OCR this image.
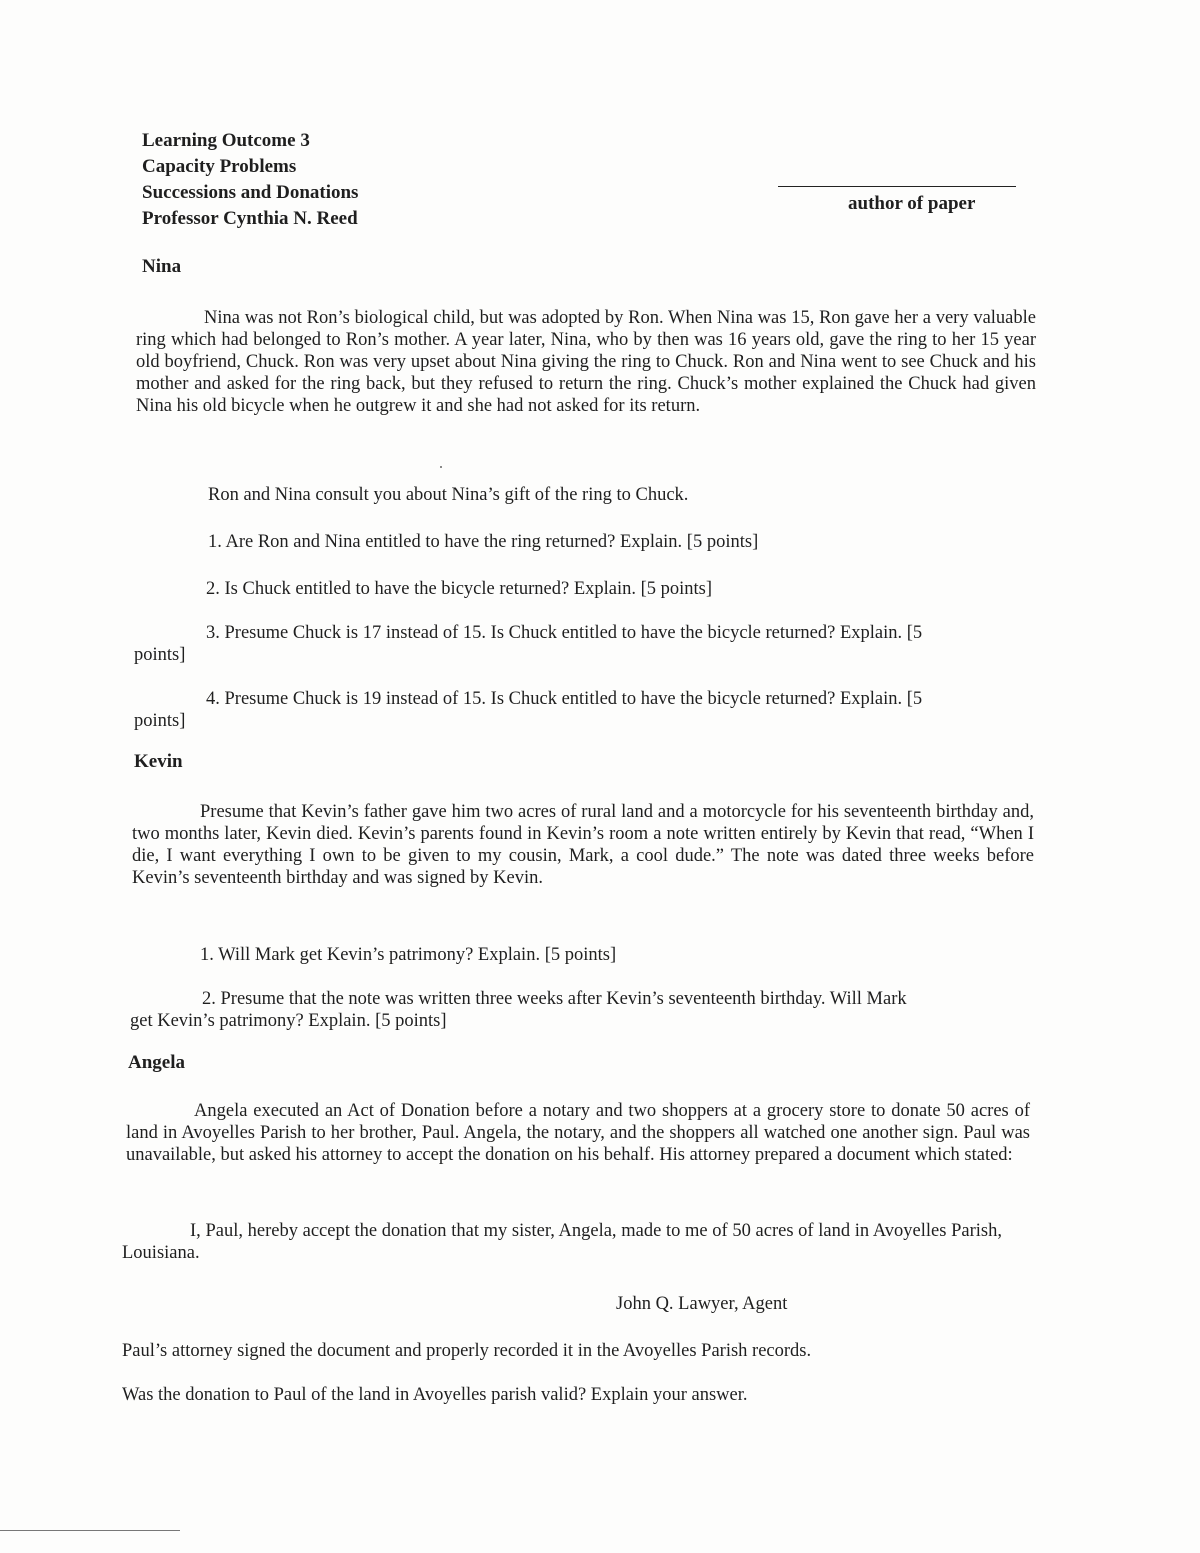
Learning Outcome 3
Capacity Problems
Successions and Donations
Professor Cynthia N. Reed
author of paper
Nina
Nina was not Ron’s biological child, but was adopted by Ron. When Nina was 15, Ron gave her a very valuable ring which had belonged to Ron’s mother. A year later, Nina, who by then was 16 years old, gave the ring to her 15 year old boyfriend, Chuck. Ron was very upset about Nina giving the ring to Chuck. Ron and Nina went to see Chuck and his mother and asked for the ring back, but they refused to return the ring. Chuck’s mother explained the Chuck had given Nina his old bicycle when he outgrew it and she had not asked for its return.
Ron and Nina consult you about Nina’s gift of the ring to Chuck.
1. Are Ron and Nina entitled to have the ring returned? Explain. [5 points]
2. Is Chuck entitled to have the bicycle returned? Explain. [5 points]
3. Presume Chuck is 17 instead of 15. Is Chuck entitled to have the bicycle returned? Explain. [5
points]
4. Presume Chuck is 19 instead of 15. Is Chuck entitled to have the bicycle returned? Explain. [5
points]
Kevin
Presume that Kevin’s father gave him two acres of rural land and a motorcycle for his seventeenth birthday and, two months later, Kevin died. Kevin’s parents found in Kevin’s room a note written entirely by Kevin that read, “When I die, I want everything I own to be given to my cousin, Mark, a cool dude.” The note was dated three weeks before Kevin’s seventeenth birthday and was signed by Kevin.
1. Will Mark get Kevin’s patrimony? Explain. [5 points]
2. Presume that the note was written three weeks after Kevin’s seventeenth birthday. Will Mark
get Kevin’s patrimony? Explain. [5 points]
Angela
Angela executed an Act of Donation before a notary and two shoppers at a grocery store to donate 50 acres of land in Avoyelles Parish to her brother, Paul. Angela, the notary, and the shoppers all watched one another sign. Paul was unavailable, but asked his attorney to accept the donation on his behalf. His attorney prepared a document which stated:
I, Paul, hereby accept the donation that my sister, Angela, made to me of 50 acres of land in Avoyelles Parish, Louisiana.
John Q. Lawyer, Agent
Paul’s attorney signed the document and properly recorded it in the Avoyelles Parish records.
Was the donation to Paul of the land in Avoyelles parish valid? Explain your answer.
